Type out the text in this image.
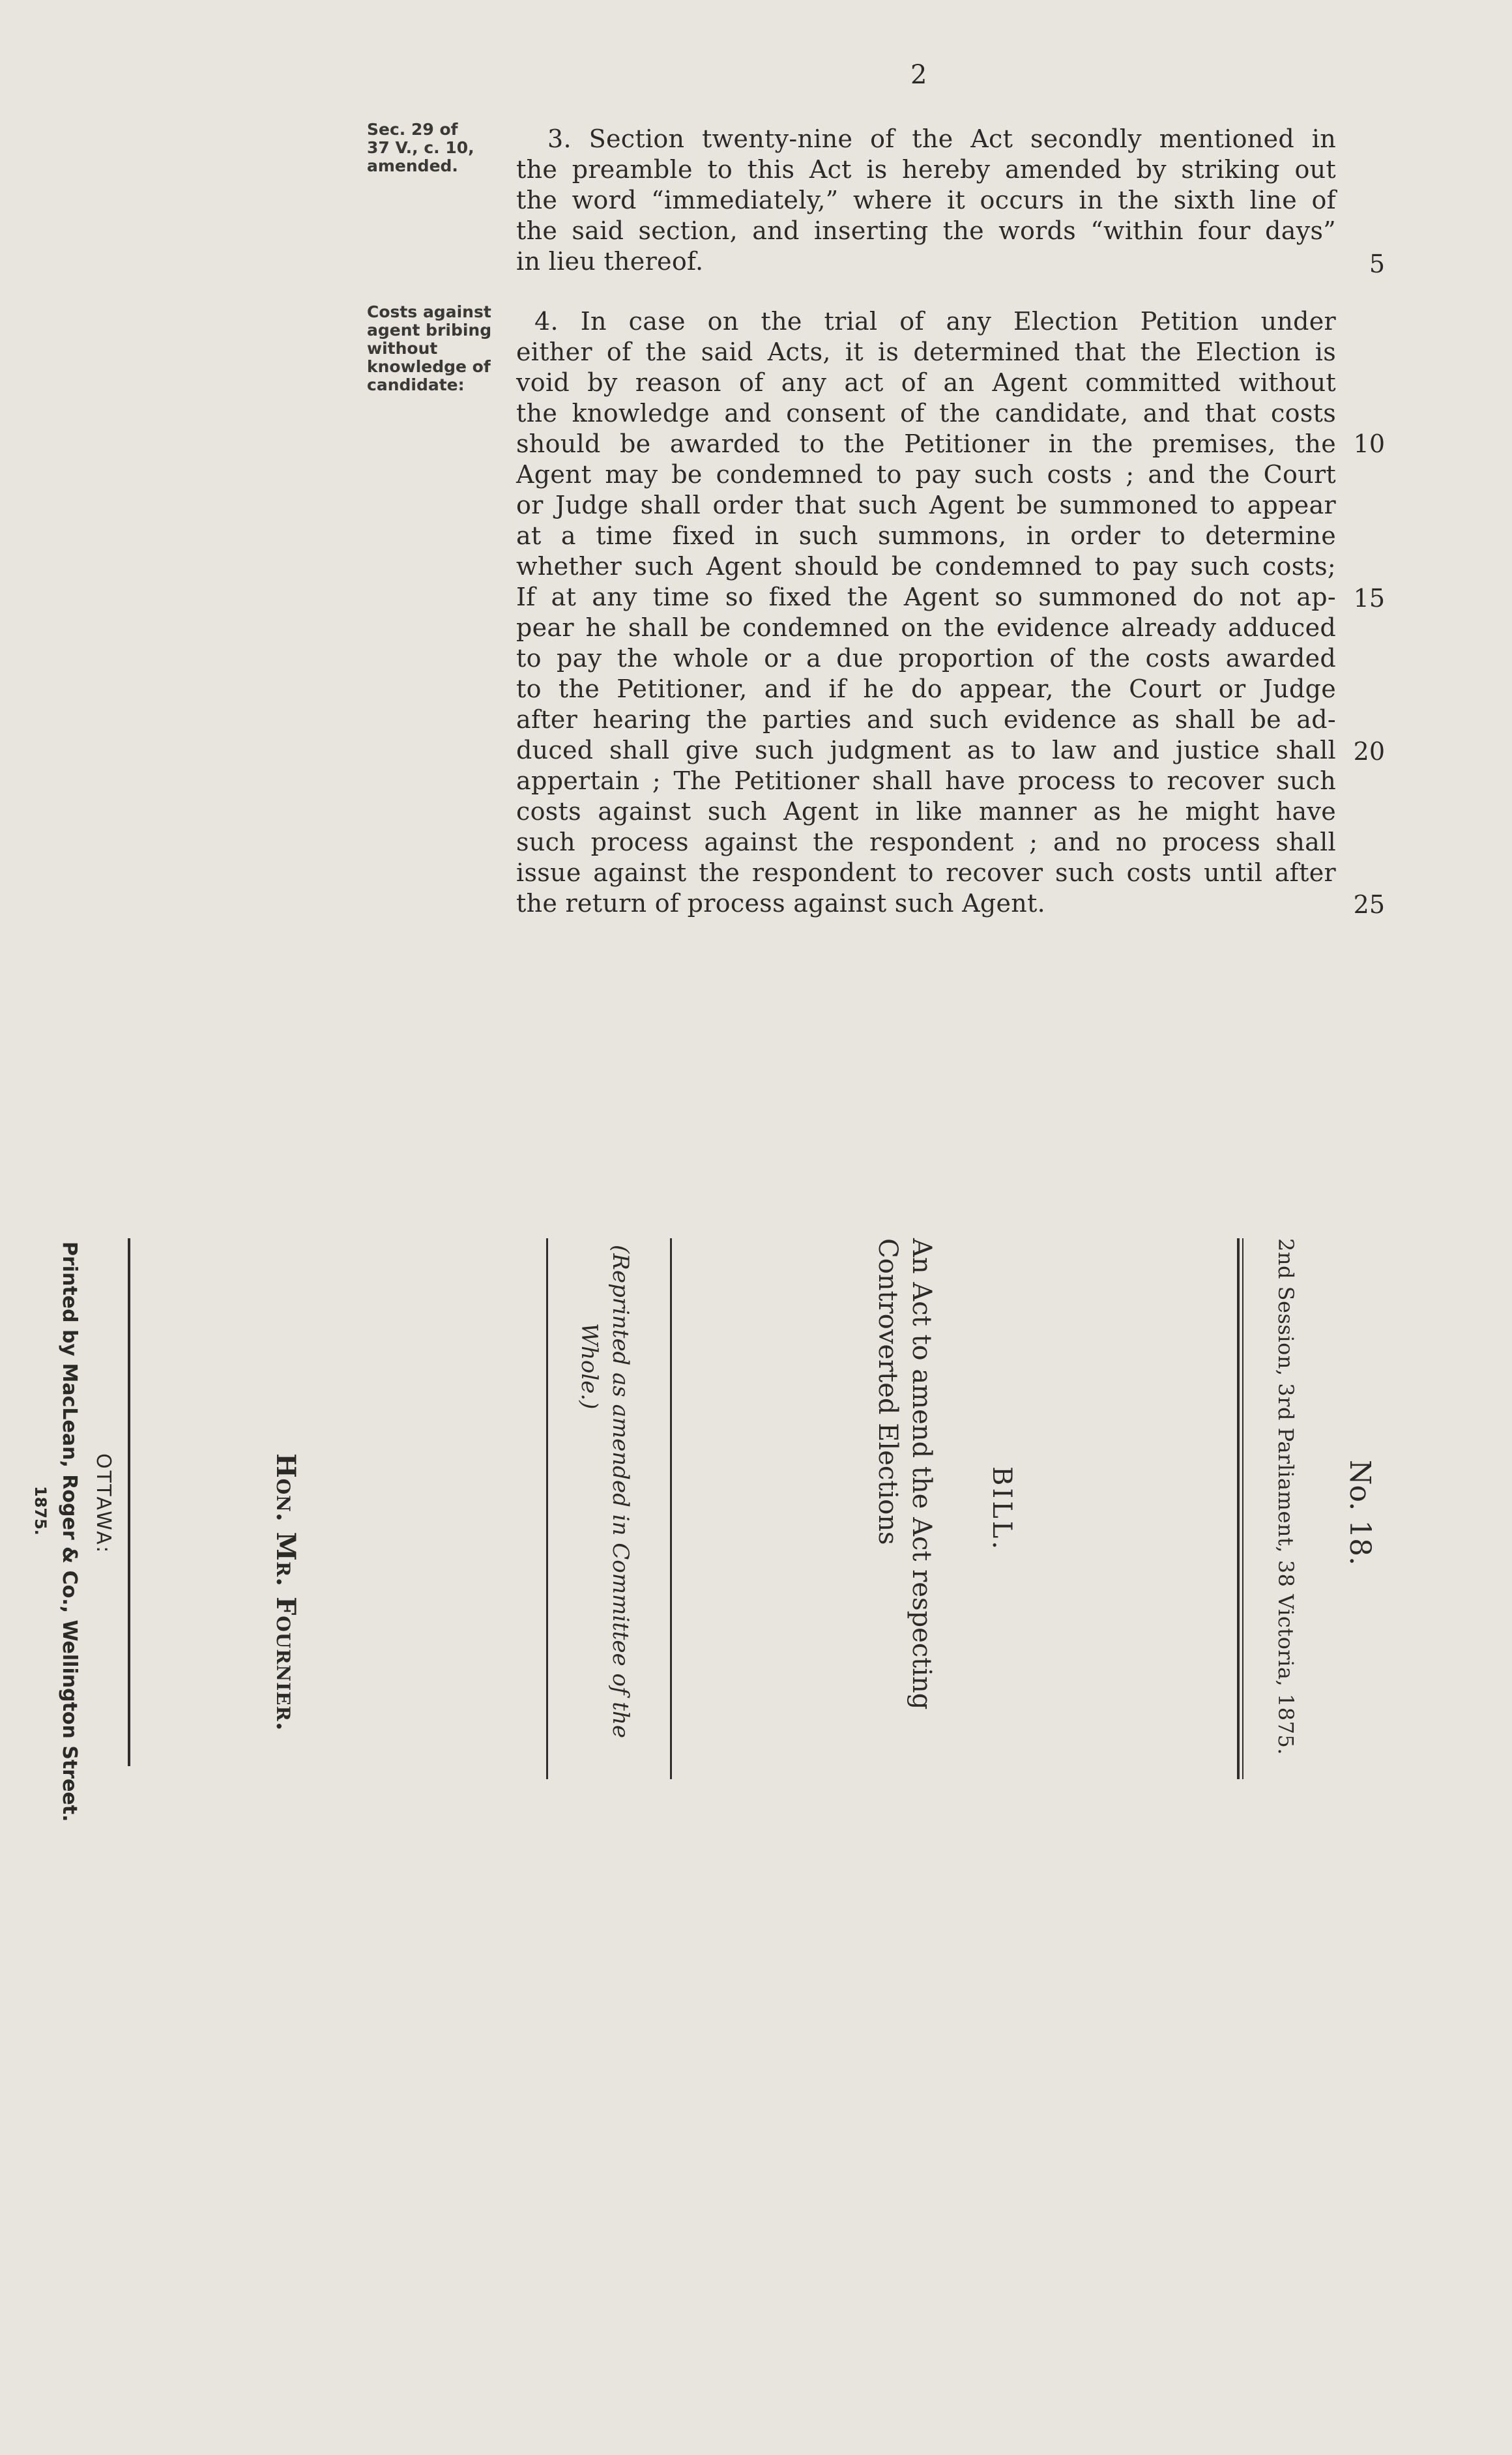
2
Sec. 29 of
37 V., c. 10,
amended.
3. Section twenty-nine of the Act secondly mentioned in
the preamble to this Act is hereby amended by striking out
the word “immediately,” where it occurs in the sixth line of
the said section, and inserting the words “within four days”
in lieu thereof.
Costs against
agent bribing
without
knowledge of
candidate:
4. In case on the trial of any Election Petition under
either of the said Acts, it is determined that the Election is
void by reason of any act of an Agent committed without
the knowledge and consent of the candidate, and that costs
should be awarded to the Petitioner in the premises, the
Agent may be condemned to pay such costs ; and the Court
or Judge shall order that such Agent be summoned to appear
at a time fixed in such summons, in order to determine
whether such Agent should be condemned to pay such costs;
If at any time so fixed the Agent so summoned do not ap-
pear he shall be condemned on the evidence already adduced
to pay the whole or a due proportion of the costs awarded
to the Petitioner, and if he do appear, the Court or Judge
after hearing the parties and such evidence as shall be ad-
duced shall give such judgment as to law and justice shall
appertain ; The Petitioner shall have process to recover such
costs against such Agent in like manner as he might have
such process against the respondent ; and no process shall
issue against the respondent to recover such costs until after
the return of process against such Agent.
5
10
15
20
25
No. 18.
2nd Session, 3rd Parliament, 38 Victoria, 1875.
BILL.
An Act to amend the Act respecting
Controverted Elections
(Reprinted as amended in Committee of the
Whole.)
Hon. Mr. Fournier.
OTTAWA:
Printed by MacLean, Roger & Co., Wellington Street.
1875.
